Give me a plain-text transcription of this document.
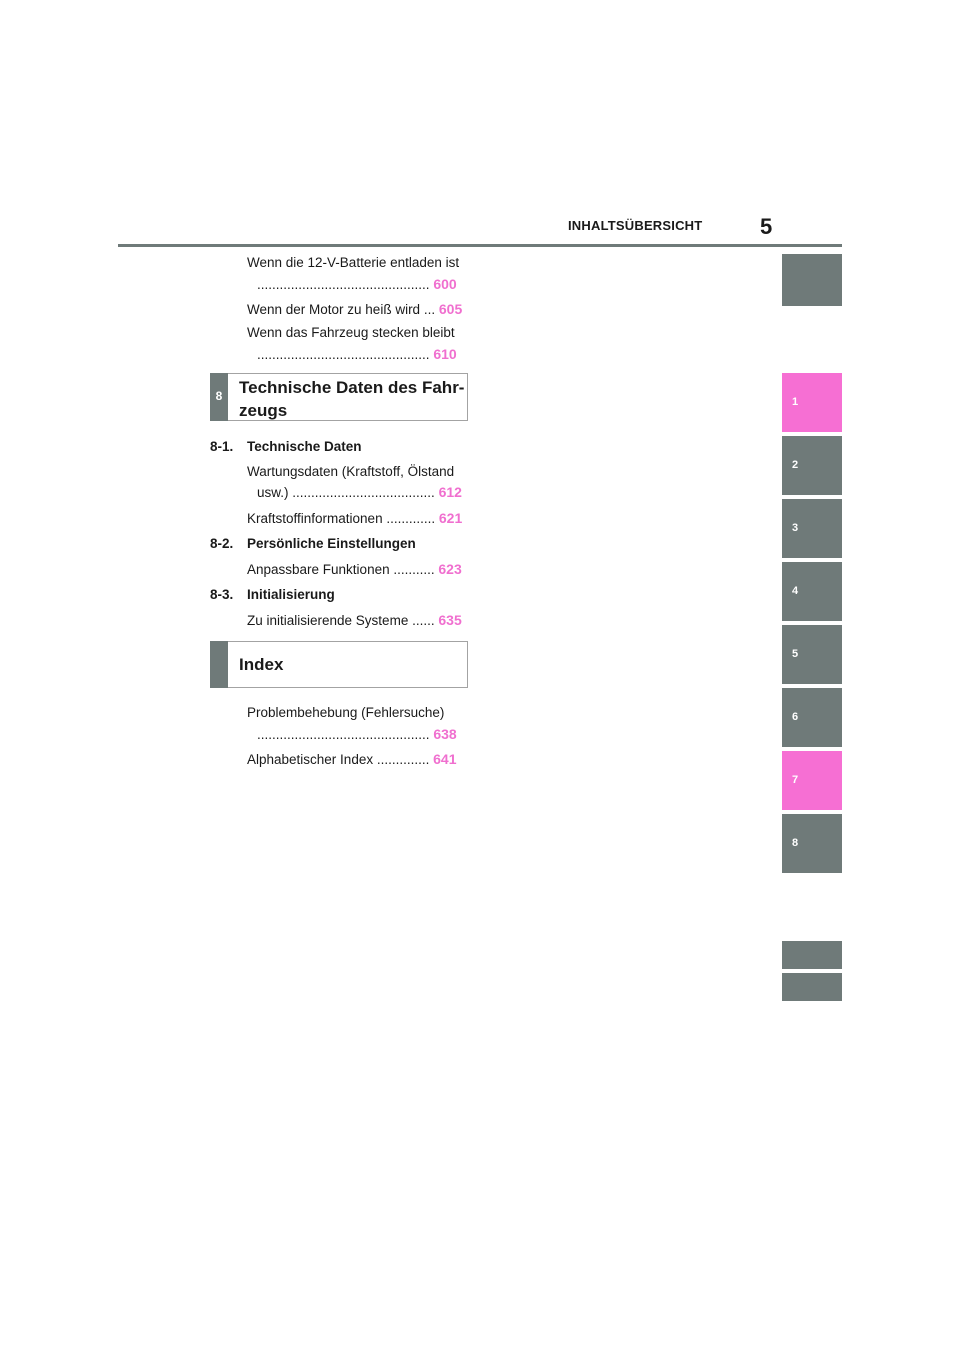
INHALTSÜBERSICHT	5
Wenn die 12-V-Batterie entladen ist
.............................................. 600
Wenn der Motor zu heiß wird ... 605
Wenn das Fahrzeug stecken bleibt
.............................................. 610
8 Technische Daten des Fahr-
zeugs
8-1. Technische Daten
Wartungsdaten (Kraftstoff, Ölstand
usw.) ...................................... 612
Kraftstoffinformationen ............. 621
8-2. Persönliche Einstellungen
Anpassbare Funktionen ........... 623
8-3. Initialisierung
Zu initialisierende Systeme ...... 635
Index
Problembehebung (Fehlersuche)
.............................................. 638
Alphabetischer Index .............. 641
1
2
3
4
5
6
7
8
